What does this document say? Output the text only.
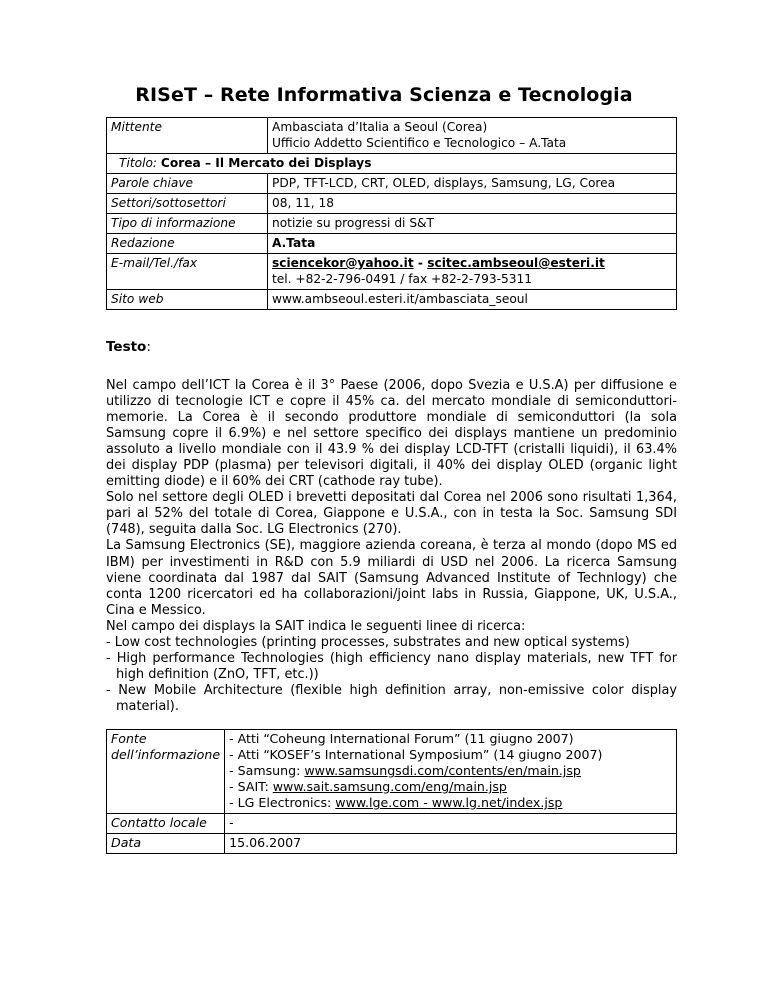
RISeT – Rete Informativa Scienza e Tecnologia
Mittente	Ambasciata d’Italia a Seoul (Corea)
Ufficio Addetto Scientifico e Tecnologico – A.Tata

Titolo: Corea – Il Mercato dei Displays	
Parole chiave	PDP, TFT-LCD, CRT, OLED, displays, Samsung, LG, Corea
Settori/sottosettori	08, 11, 18
Tipo di informazione	notizie su progressi di S&T
Redazione	A.Tata
E-mail/Tel./fax	sciencekor@yahoo.it - scitec.ambseoul@esteri.it
tel. +82-2-796-0491 / fax +82-2-793-5311

Sito web	www.ambseoul.esteri.it/ambasciata_seoul

Testo:

Nel campo dell’ICT la Corea è il 3° Paese (2006, dopo Svezia e U.S.A) per diffusione e utilizzo di tecnologie ICT e copre il 45% ca. del mercato mondiale di semiconduttori-memorie. La Corea è il secondo produttore mondiale di semiconduttori (la sola Samsung copre il 6.9%) e nel settore specifico dei displays mantiene un predominio assoluto a livello mondiale con il 43.9 % dei display LCD-TFT (cristalli liquidi), il 63.4% dei display PDP (plasma) per televisori digitali, il 40% dei display OLED (organic light emitting diode) e il 60% dei CRT (cathode ray tube).

Solo nel settore degli OLED i brevetti depositati dal Corea nel 2006 sono risultati 1,364, pari al 52% del totale di Corea, Giappone e U.S.A., con in testa la Soc. Samsung SDI (748), seguita dalla Soc. LG Electronics (270).

La Samsung Electronics (SE), maggiore azienda coreana, è terza al mondo (dopo MS ed IBM) per investimenti in R&D con 5.9 miliardi di USD nel 2006. La ricerca Samsung viene coordinata dal 1987 dal SAIT (Samsung Advanced Institute of Technlogy) che conta 1200 ricercatori ed ha collaborazioni/joint labs in Russia, Giappone, UK, U.S.A., Cina e Messico.

Nel campo dei displays la SAIT indica le seguenti linee di ricerca:

- Low cost technologies (printing processes, substrates and new optical systems)

- High performance Technologies (high efficiency nano display materials, new TFT for high definition (ZnO, TFT, etc.))

- New Mobile Architecture (flexible high definition array, non-emissive color display material).

Fonte
dell’informazione	- Atti “Coheung International Forum” (11 giugno 2007)
- Atti “KOSEF’s International Symposium” (14 giugno 2007)
- Samsung: www.samsungsdi.com/contents/en/main.jsp
- SAIT: www.sait.samsung.com/eng/main.jsp
- LG Electronics: www.lge.com - www.lg.net/index.jsp

Contatto locale	-
Data	15.06.2007
